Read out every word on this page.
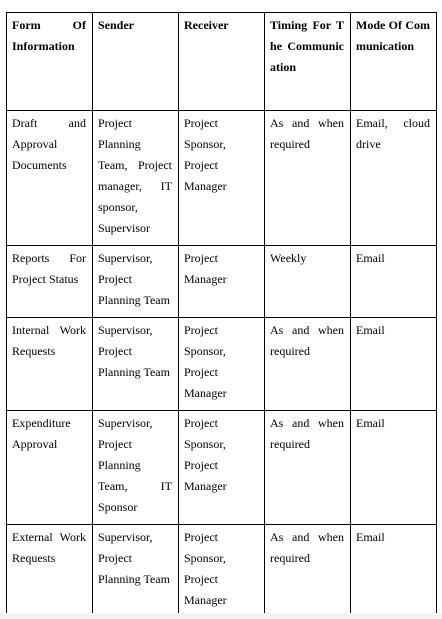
Form Of Information	Sender	Receiver	Timing For The Communication	Mode Of Communication

Draft and Approval Documents	Project Planning Team, Project manager, IT sponsor, Supervisor	Project Sponsor, Project Manager	As and when required	Email, cloud drive

Reports For Project Status	Supervisor, Project Planning Team	Project Manager	Weekly	Email

Internal Work Requests	Supervisor, Project Planning Team	Project Sponsor, Project Manager	As and when required	Email

Expenditure Approval	Supervisor, Project Planning Team, IT Sponsor	Project Sponsor, Project Manager	As and when required	Email

External Work Requests	Supervisor, Project Planning Team	Project Sponsor, Project Manager	As and when required	Email
